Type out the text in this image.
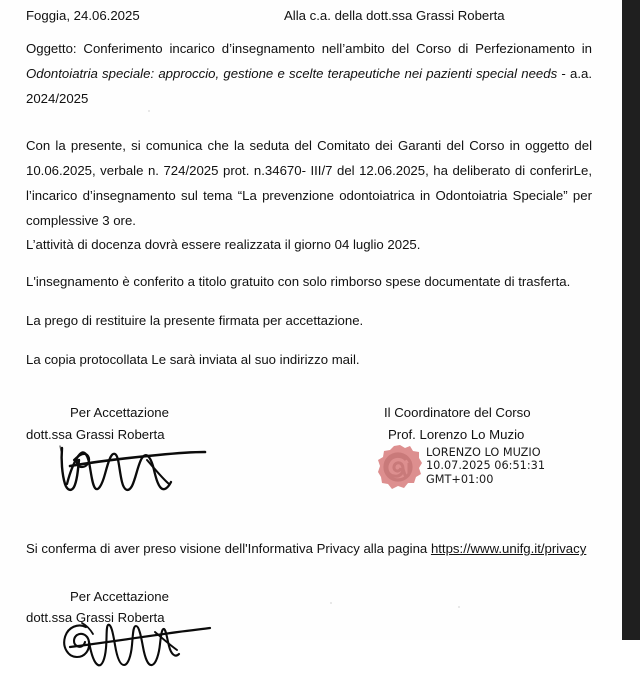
Foggia, 24.06.2025	Alla c.a. della dott.ssa Grassi Roberta
Oggetto: Conferimento incarico d’insegnamento nell’ambito del Corso di Perfezionamento in Odontoiatria speciale: approccio, gestione e scelte terapeutiche nei pazienti special needs - a.a. 2024/2025

Con la presente, si comunica che la seduta del Comitato dei Garanti del Corso in oggetto del 10.06.2025, verbale n. 724/2025 prot. n.34670- III/7 del 12.06.2025, ha deliberato di conferirLe, l’incarico d’insegnamento sul tema “La prevenzione odontoiatrica in Odontoiatria Speciale” per complessive 3 ore.

L’attività di docenza dovrà essere realizzata il giorno 04 luglio 2025.

L'insegnamento è conferito a titolo gratuito con solo rimborso spese documentate di trasferta.

La prego di restituire la presente firmata per accettazione.

La copia protocollata Le sarà inviata al suo indirizzo mail.

Per Accettazione
dott.ssa Grassi Roberta
Il Coordinatore del Corso
Prof. Lorenzo Lo Muzio
LORENZO LO MUZIO
10.07.2025 06:51:31
GMT+01:00

Si conferma di aver preso visione dell'Informativa Privacy alla pagina https://www.unifg.it/privacy

Per Accettazione
dott.ssa Grassi Roberta
